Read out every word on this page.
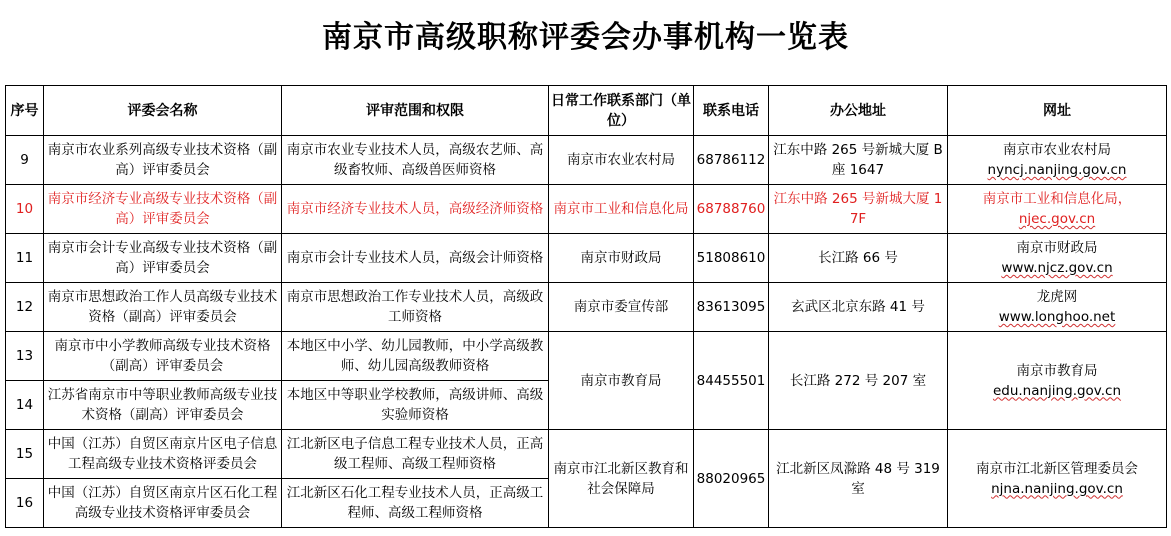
南京市高级职称评委会办事机构一览表
序号	评委会名称	评审范围和权限	日常工作联系部门（单位）	联系电话	办公地址	网址
9	南京市农业系列高级专业技术资格（副高）评审委员会	南京市农业专业技术人员，高级农艺师、高级畜牧师、高级兽医师资格	南京市农业农村局	68786112	江东中路 265 号新城大厦 B 座 1647	南京市农业农村局
nyncj.nanjing.gov.cn

10	南京市经济专业高级专业技术资格（副高）评审委员会	南京市经济专业技术人员，高级经济师资格	南京市工业和信息化局	68788760	江东中路 265 号新城大厦 17F	南京市工业和信息化局，
njec.gov.cn

11	南京市会计专业高级专业技术资格（副高）评审委员会	南京市会计专业技术人员，高级会计师资格	南京市财政局	51808610	长江路 66 号	南京市财政局
www.njcz.gov.cn

12	南京市思想政治工作人员高级专业技术资格（副高）评审委员会	南京市思想政治工作专业技术人员，高级政工师资格	南京市委宣传部	83613095	玄武区北京东路 41 号	龙虎网
www.longhoo.net

13	南京市中小学教师高级专业技术资格（副高）评审委员会	本地区中小学、幼儿园教师，中小学高级教师、幼儿园高级教师资格	南京市教育局	84455501	长江路 272 号 207 室	南京市教育局
edu.nanjing.gov.cn

14	江苏省南京市中等职业教师高级专业技术资格（副高）评审委员会	本地区中等职业学校教师，高级讲师、高级实验师资格				
15	中国（江苏）自贸区南京片区电子信息工程高级专业技术资格评委员会	江北新区电子信息工程专业技术人员，正高级工程师、高级工程师资格	南京市江北新区教育和社会保障局	88020965	江北新区凤滁路 48 号 319 室	南京市江北新区管理委员会
njna.nanjing.gov.cn

16	中国（江苏）自贸区南京片区石化工程高级专业技术资格评审委员会	江北新区石化工程专业技术人员，正高级工程师、高级工程师资格				
